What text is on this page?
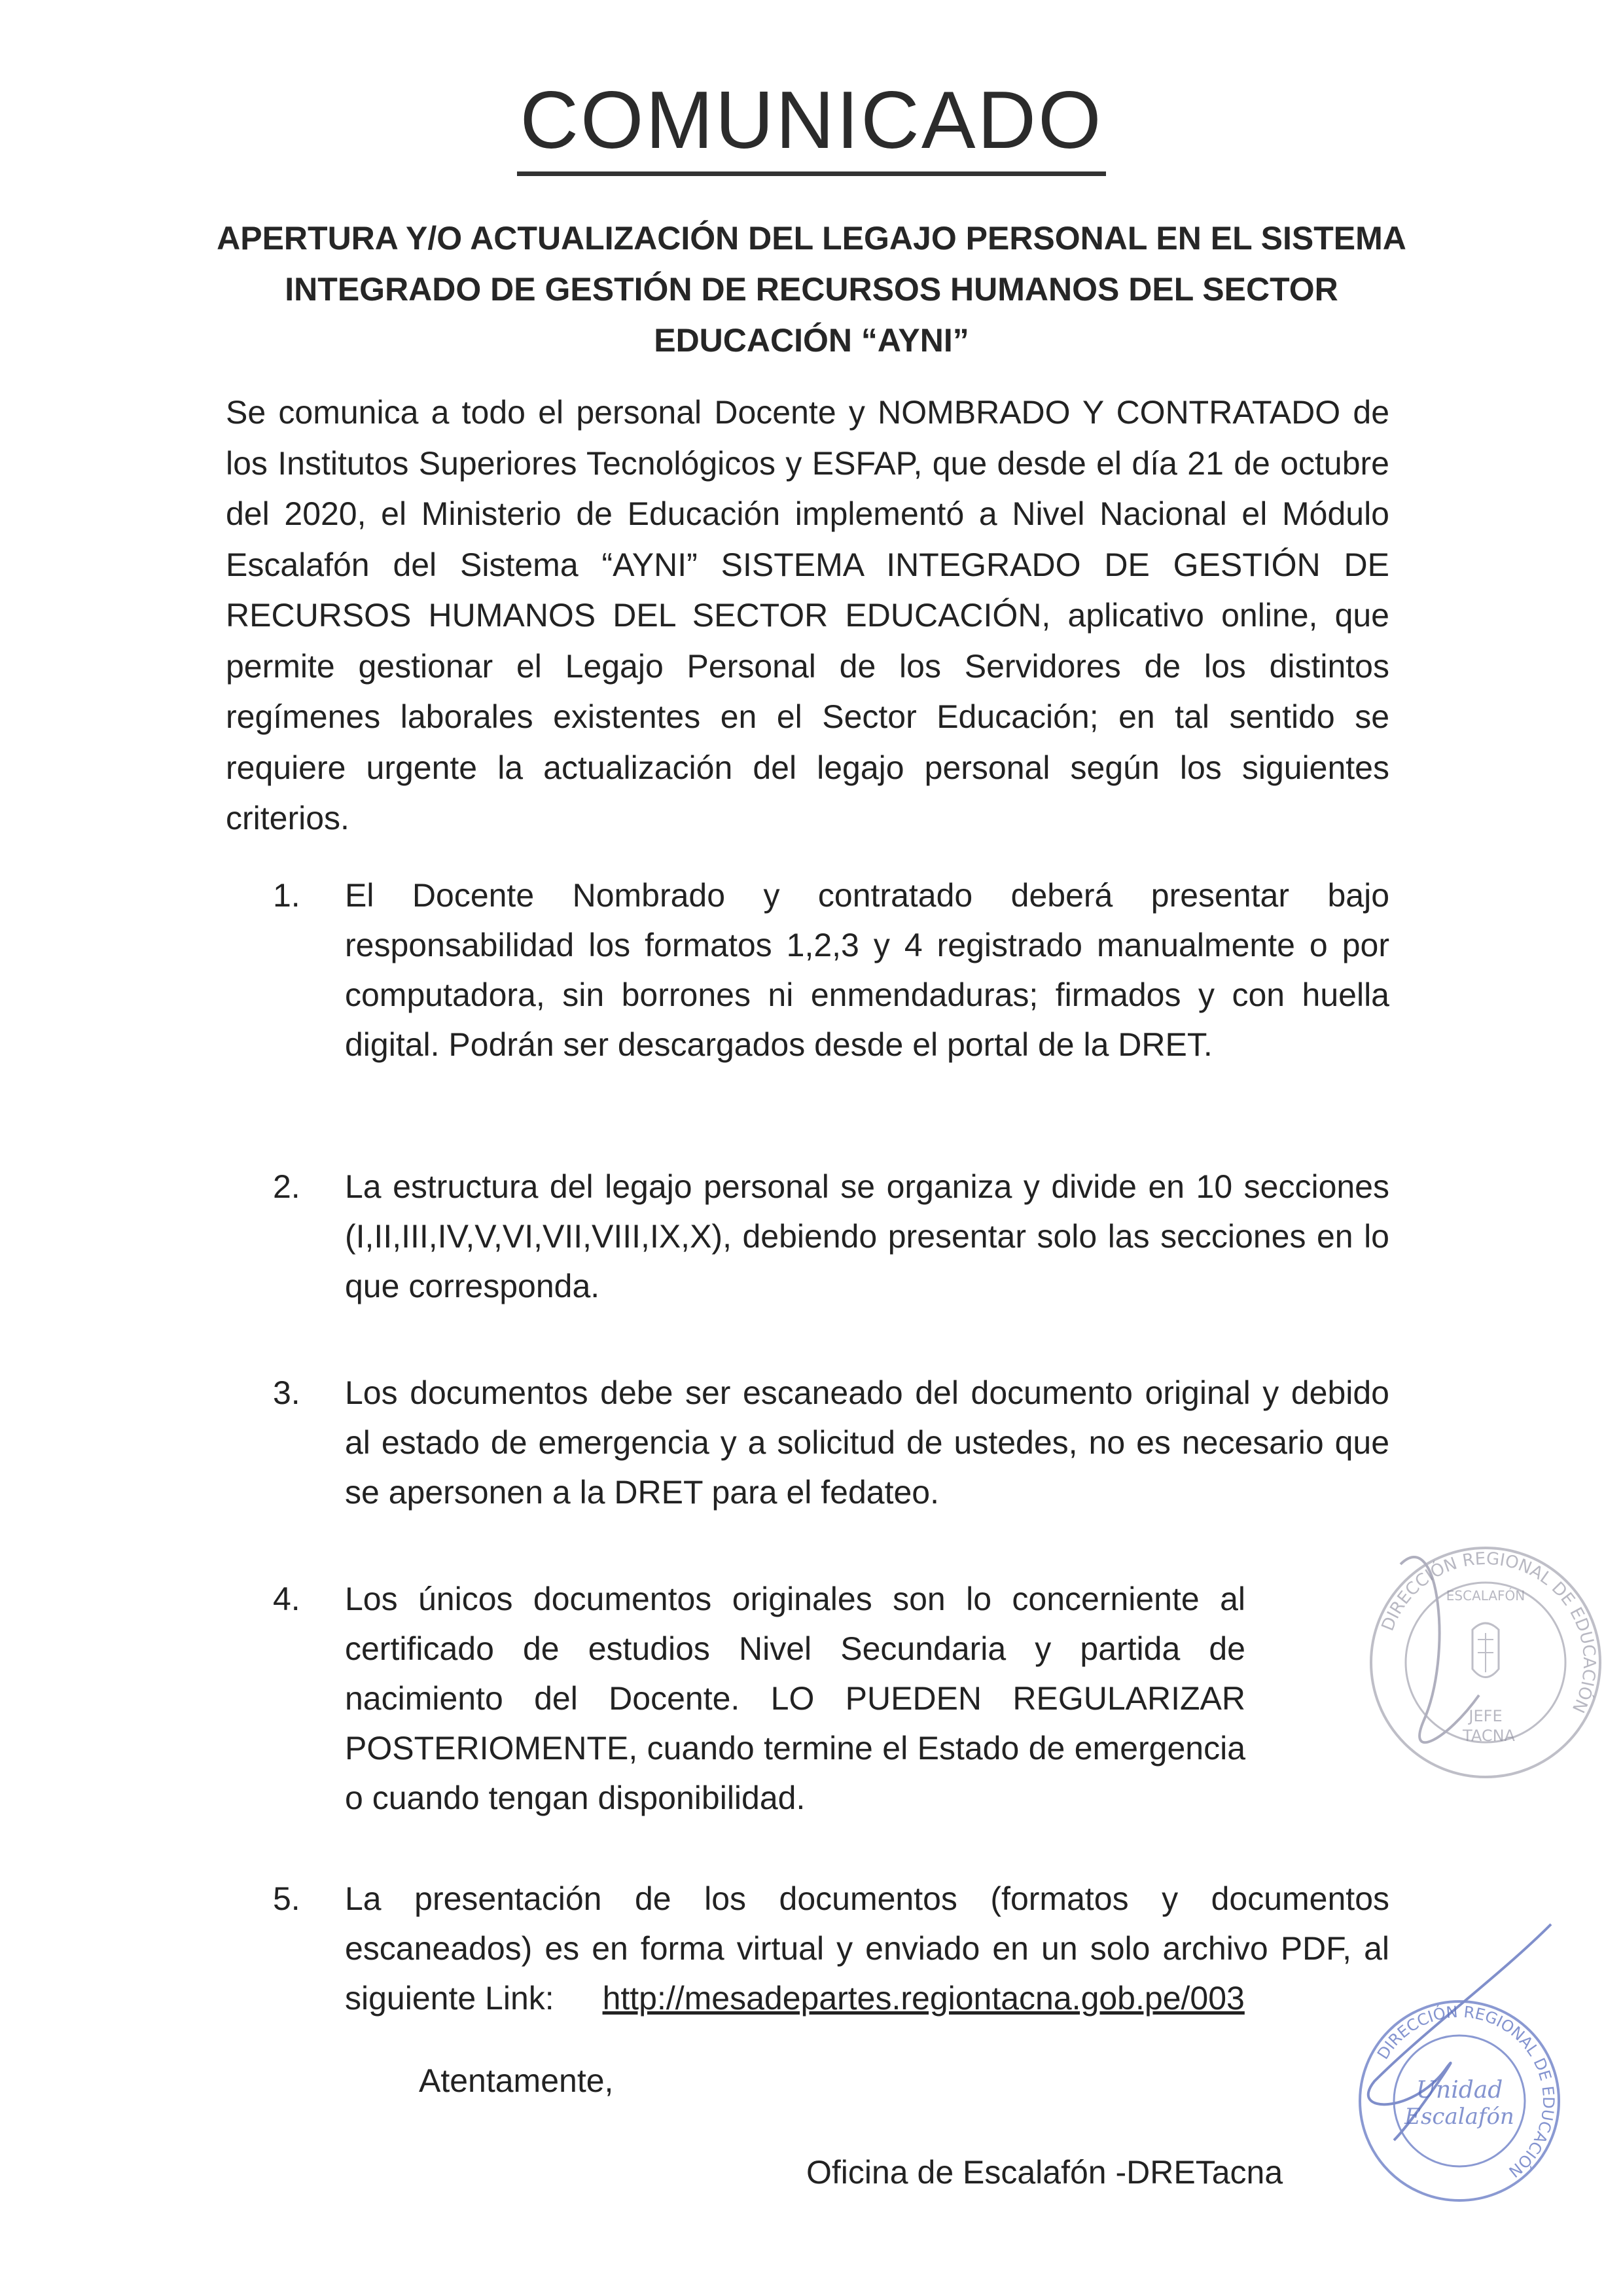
COMUNICADO
APERTURA Y/O ACTUALIZACIÓN DEL LEGAJO PERSONAL EN EL SISTEMA INTEGRADO DE GESTIÓN DE RECURSOS HUMANOS DEL SECTOR EDUCACIÓN “AYNI”
Se comunica a todo el personal Docente y NOMBRADO Y CONTRATADO de los Institutos Superiores Tecnológicos y ESFAP, que desde el día 21 de octubre del 2020, el Ministerio de Educación implementó a Nivel Nacional el Módulo Escalafón del Sistema “AYNI” SISTEMA INTEGRADO DE GESTIÓN DE RECURSOS HUMANOS DEL SECTOR EDUCACIÓN, aplicativo online, que permite gestionar el Legajo Personal de los Servidores de los distintos regímenes laborales existentes en el Sector Educación; en tal sentido se requiere urgente la actualización del legajo personal según los siguientes criterios.
1. El Docente Nombrado y contratado deberá presentar bajo responsabilidad los formatos 1,2,3 y 4 registrado manualmente o por computadora, sin borrones ni enmendaduras; firmados y con huella digital. Podrán ser descargados desde el portal de la DRET.
2. La estructura del legajo personal se organiza y divide en 10 secciones (I,II,III,IV,V,VI,VII,VIII,IX,X), debiendo presentar solo las secciones en lo que corresponda.
3. Los documentos debe ser escaneado del documento original y debido al estado de emergencia y a solicitud de ustedes, no es necesario que se apersonen a la DRET para el fedateo.
4. Los únicos documentos originales son lo concerniente al certificado de estudios Nivel Secundaria y partida de nacimiento del Docente. LO PUEDEN REGULARIZAR POSTERIOMENTE, cuando termine el Estado de emergencia o cuando tengan disponibilidad.
5. La presentación de los documentos (formatos y documentos escaneados) es en forma virtual y enviado en un solo archivo PDF, al siguiente Link: http://mesadepartes.regiontacna.gob.pe/003
Atentamente,
Oficina de Escalafón -DRETacna
DIRECCIÓN REGIONAL DE EDUCACIÓN
ESCALAFÓN
JEFE
TACNA
DIRECCIÓN REGIONAL DE EDUCACIÓN
Unidad
Escalafón
